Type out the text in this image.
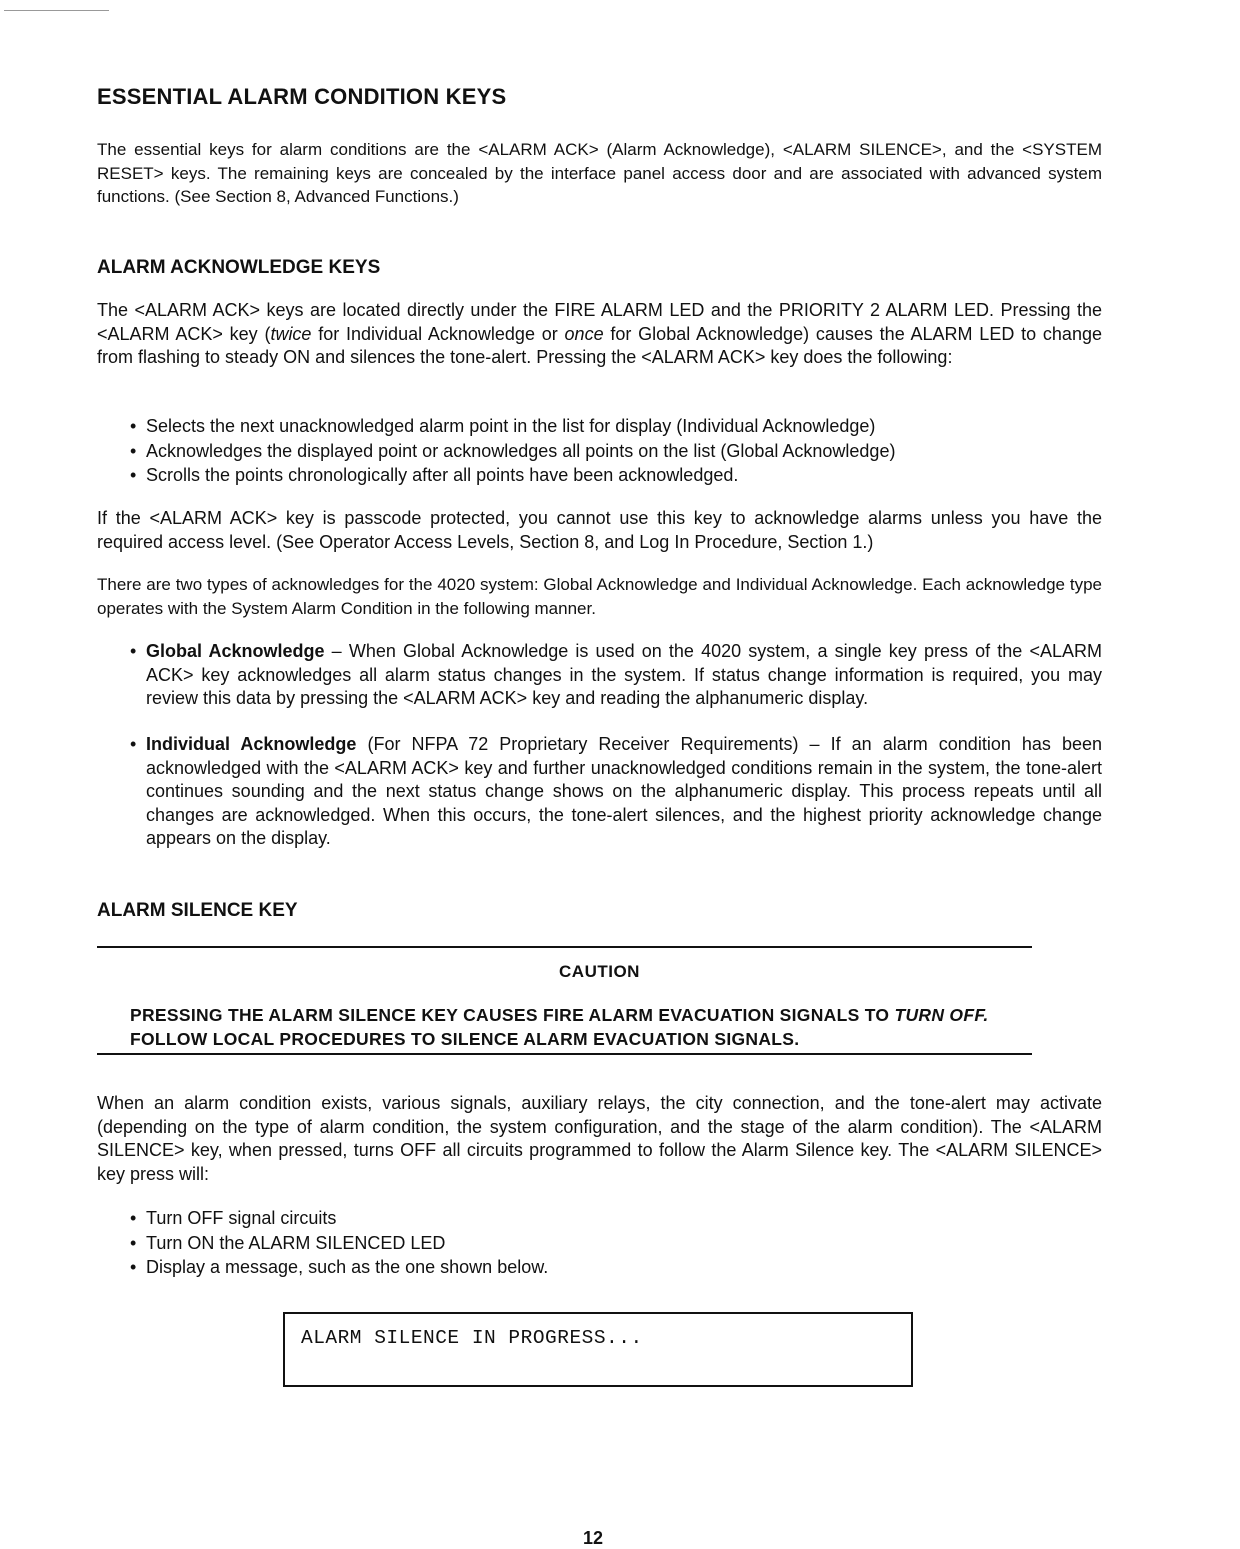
ESSENTIAL ALARM CONDITION KEYS

The essential keys for alarm conditions are the <ALARM ACK> (Alarm Acknowledge), <ALARM SILENCE>, and the <SYSTEM RESET> keys. The remaining keys are concealed by the interface panel access door and are associated with advanced system functions. (See Section 8, Advanced Functions.)

ALARM ACKNOWLEDGE KEYS

The <ALARM ACK> keys are located directly under the FIRE ALARM LED and the PRIORITY 2 ALARM LED. Pressing the <ALARM ACK> key (twice for Individual Acknowledge or once for Global Acknowledge) causes the ALARM LED to change from flashing to steady ON and silences the tone-alert. Pressing the <ALARM ACK> key does the following:

• Selects the next unacknowledged alarm point in the list for display (Individual Acknowledge)
• Acknowledges the displayed point or acknowledges all points on the list (Global Acknowledge)
• Scrolls the points chronologically after all points have been acknowledged.

If the <ALARM ACK> key is passcode protected, you cannot use this key to acknowledge alarms unless you have the required access level. (See Operator Access Levels, Section 8, and Log In Procedure, Section 1.)

There are two types of acknowledges for the 4020 system: Global Acknowledge and Individual Acknowledge. Each acknowledge type operates with the System Alarm Condition in the following manner.

• Global Acknowledge – When Global Acknowledge is used on the 4020 system, a single key press of the <ALARM ACK> key acknowledges all alarm status changes in the system. If status change information is required, you may review this data by pressing the <ALARM ACK> key and reading the alphanumeric display.
• Individual Acknowledge (For NFPA 72 Proprietary Receiver Requirements) – If an alarm condition has been acknowledged with the <ALARM ACK> key and further unacknowledged conditions remain in the system, the tone-alert continues sounding and the next status change shows on the alphanumeric display. This process repeats until all changes are acknowledged. When this occurs, the tone-alert silences, and the highest priority acknowledge change appears on the display.
ALARM SILENCE KEY
CAUTION
PRESSING THE ALARM SILENCE KEY CAUSES FIRE ALARM EVACUATION SIGNALS TO TURN OFF. FOLLOW LOCAL PROCEDURES TO SILENCE ALARM EVACUATION SIGNALS.

When an alarm condition exists, various signals, auxiliary relays, the city connection, and the tone-alert may activate (depending on the type of alarm condition, the system configuration, and the stage of the alarm condition). The <ALARM SILENCE> key, when pressed, turns OFF all circuits programmed to follow the Alarm Silence key. The <ALARM SILENCE> key press will:

• Turn OFF signal circuits
• Turn ON the ALARM SILENCED LED
• Display a message, such as the one shown below.
ALARM SILENCE IN PROGRESS...
12
